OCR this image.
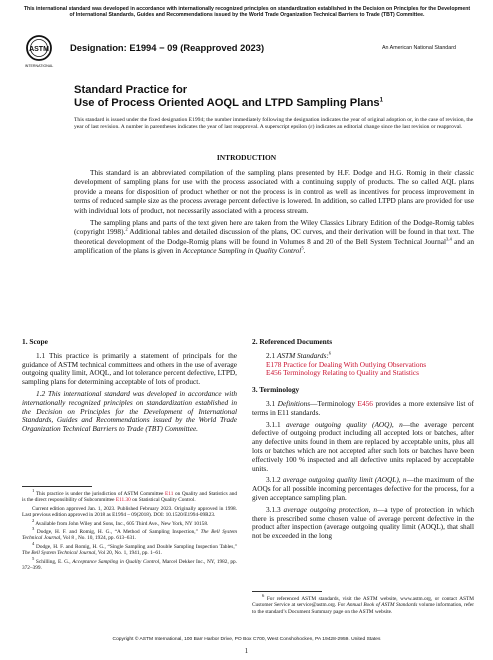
This international standard was developed in accordance with internationally recognized principles on standardization established in the Decision on Principles for the Development of International Standards, Guides and Recommendations issued by the World Trade Organization Technical Barriers to Trade (TBT) Committee.
ASTM
INTERNATIONAL
Designation: E1994 − 09 (Reapproved 2023)	An American National Standard
Standard Practice for
Use of Process Oriented AOQL and LTPD Sampling Plans$^1$
This standard is issued under the fixed designation E1994; the number immediately following the designation indicates the year of original adoption or, in the case of revision, the year of last revision. A number in parentheses indicates the year of last reapproval. A superscript epsilon (ε) indicates an editorial change since the last revision or reapproval.
INTRODUCTION

This standard is an abbreviated compilation of the sampling plans presented by H.F. Dodge and H.G. Romig in their classic development of sampling plans for use with the process associated with a continuing supply of products. The so called AQL plans provide a means for disposition of product whether or not the process is in control as well as incentives for process improvement in terms of reduced sample size as the process average percent defective is lowered. In addition, so called LTPD plans are provided for use with individual lots of product, not necessarily associated with a process stream.

The sampling plans and parts of the text given here are taken from the Wiley Classics Library Edition of the Dodge-Romig tables (copyright 1998).$^2$ Additional tables and detailed discussion of the plans, OC curves, and their derivation will be found in that text. The theoretical development of the Dodge-Romig plans will be found in Volumes 8 and 20 of the Bell System Technical Journal$^{3,4}$ and an amplification of the plans is given in Acceptance Sampling in Quality Control$^5$.

1. Scope

1.1 This practice is primarily a statement of principals for the guidance of ASTM technical committees and others in the use of average outgoing quality limit, AOQL, and lot tolerance percent defective, LTPD, sampling plans for determining acceptable of lots of product.

1.2 This international standard was developed in accordance with internationally recognized principles on standardization established in the Decision on Principles for the Development of International Standards, Guides and Recommendations issued by the World Trade Organization Technical Barriers to Trade (TBT) Committee.

$^1$ This practice is under the jurisdiction of ASTM Committee E11 on Quality and Statistics and is the direct responsibility of Subcommittee E11.30 on Statistical Quality Control.

Current edition approved Jan. 1, 2023. Published February 2023. Originally approved in 1998. Last previous edition approved in 2018 as E1994 – 09(2018). DOI: 10.1520/E1994-09R23.

$^2$ Available from John Wiley and Sons, Inc., 605 Third Ave., New York, NY 10158.

$^3$ Dodge, H. F. and Romig, H. G., “A Method of Sampling Inspection,” The Bell System Technical Journal, Vol 8 , No. 10, 1924, pp. 613–631.

$^4$ Dodge, H. F. and Romig, H. G., “Single Sampling and Double Sampling Inspection Tables,” The Bell System Technical Journal, Vol 20, No. 1, 1941, pp. 1–61.

$^5$ Schilling, E. G., Acceptance Sampling in Quality Control, Marcel Dekker Inc., NY, 1982, pp. 372–399.

2. Referenced Documents

2.1 ASTM Standards:$^6$

E178 Practice for Dealing With Outlying Observations
E456 Terminology Relating to Quality and Statistics
3. Terminology

3.1 Definitions—Terminology E456 provides a more extensive list of terms in E11 standards.

3.1.1 average outgoing quality (AOQ), n—the average percent defective of outgoing product including all accepted lots or batches, after any defective units found in them are replaced by acceptable units, plus all lots or batches which are not accepted after such lots or batches have been effectively 100 % inspected and all defective units replaced by acceptable units.

3.1.2 average outgoing quality limit (AOQL), n—the maximum of the AOQs for all possible incoming percentages defective for the process, for a given acceptance sampling plan.

3.1.3 average outgoing protection, n—a type of protection in which there is prescribed some chosen value of average percent defective in the product after inspection (average outgoing quality limit (AOQL), that shall not be exceeded in the long

$^6$ For referenced ASTM standards, visit the ASTM website, www.astm.org, or contact ASTM Customer Service at service@astm.org. For Annual Book of ASTM Standards volume information, refer to the standard’s Document Summary page on the ASTM website.

Copyright © ASTM International, 100 Barr Harbor Drive, PO Box C700, West Conshohocken, PA 19428-2959. United States
1
